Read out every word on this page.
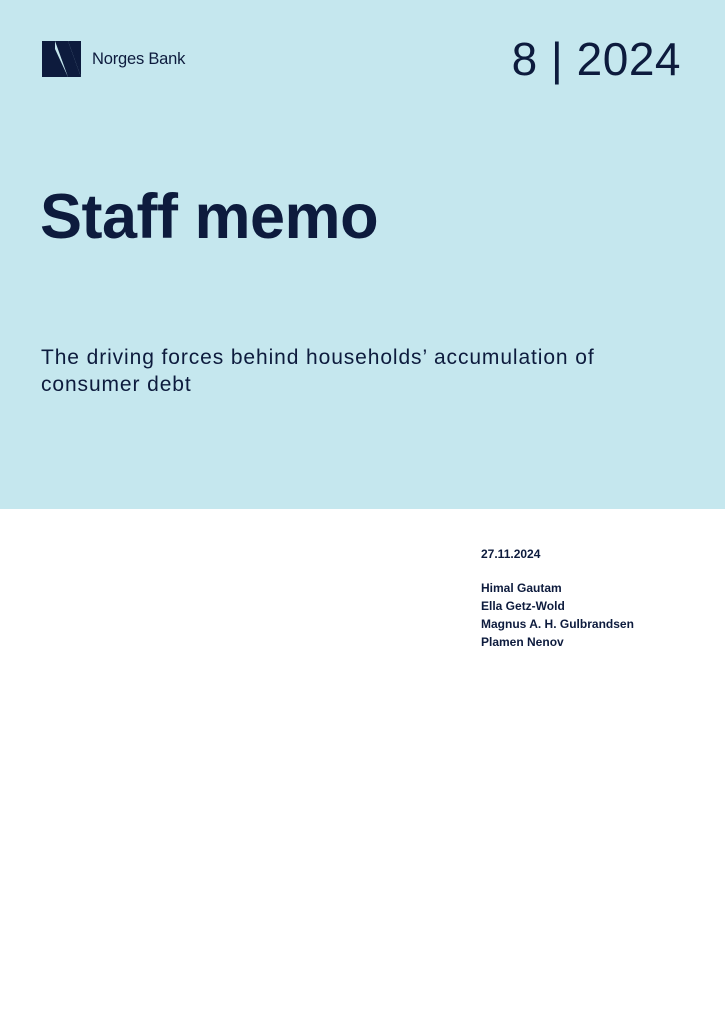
Norges Bank	8 | 2024
Staff memo
The driving forces behind households’ accumulation of consumer debt
27.11.2024
Himal Gautam
Ella Getz-Wold
Magnus A. H. Gulbrandsen
Plamen Nenov
